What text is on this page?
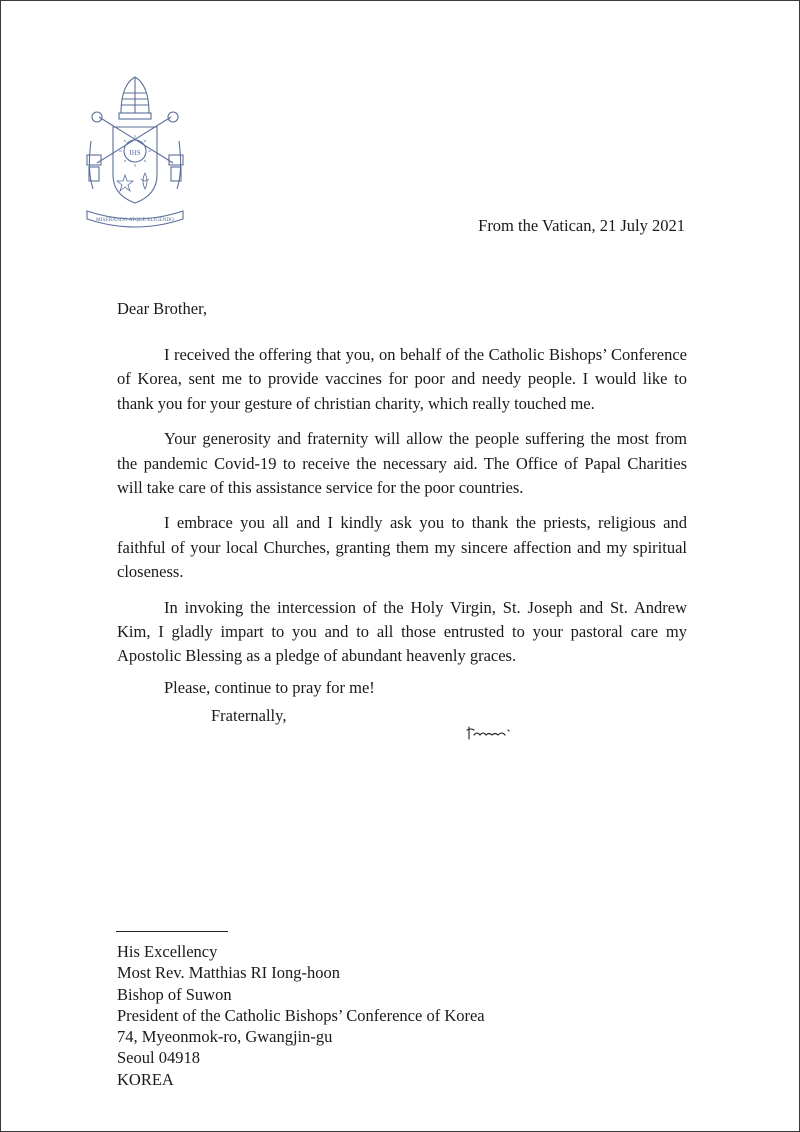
IHS
MISERANDO ATQUE ELIGENDO	From the Vatican, 21 July 2021
Dear Brother,

I received the offering that you, on behalf of the Catholic Bishops’ Conference of Korea, sent me to provide vaccines for poor and needy people. I would like to thank you for your gesture of christian charity, which really touched me.

Your generosity and fraternity will allow the people suffering the most from the pandemic Covid-19 to receive the necessary aid. The Office of Papal Charities will take care of this assistance service for the poor countries.

I embrace you all and I kindly ask you to thank the priests, religious and faithful of your local Churches, granting them my sincere affection and my spiritual closeness.

In invoking the intercession of the Holy Virgin, St. Joseph and St. Andrew Kim, I gladly impart to you and to all those entrusted to your pastoral care my Apostolic Blessing as a pledge of abundant heavenly graces.

Please, continue to pray for me!
Fraternally,
His Excellency
Most Rev. Matthias RI Iong-hoon
Bishop of Suwon
President of the Catholic Bishops’ Conference of Korea
74, Myeonmok-ro, Gwangjin-gu
Seoul 04918
KOREA
